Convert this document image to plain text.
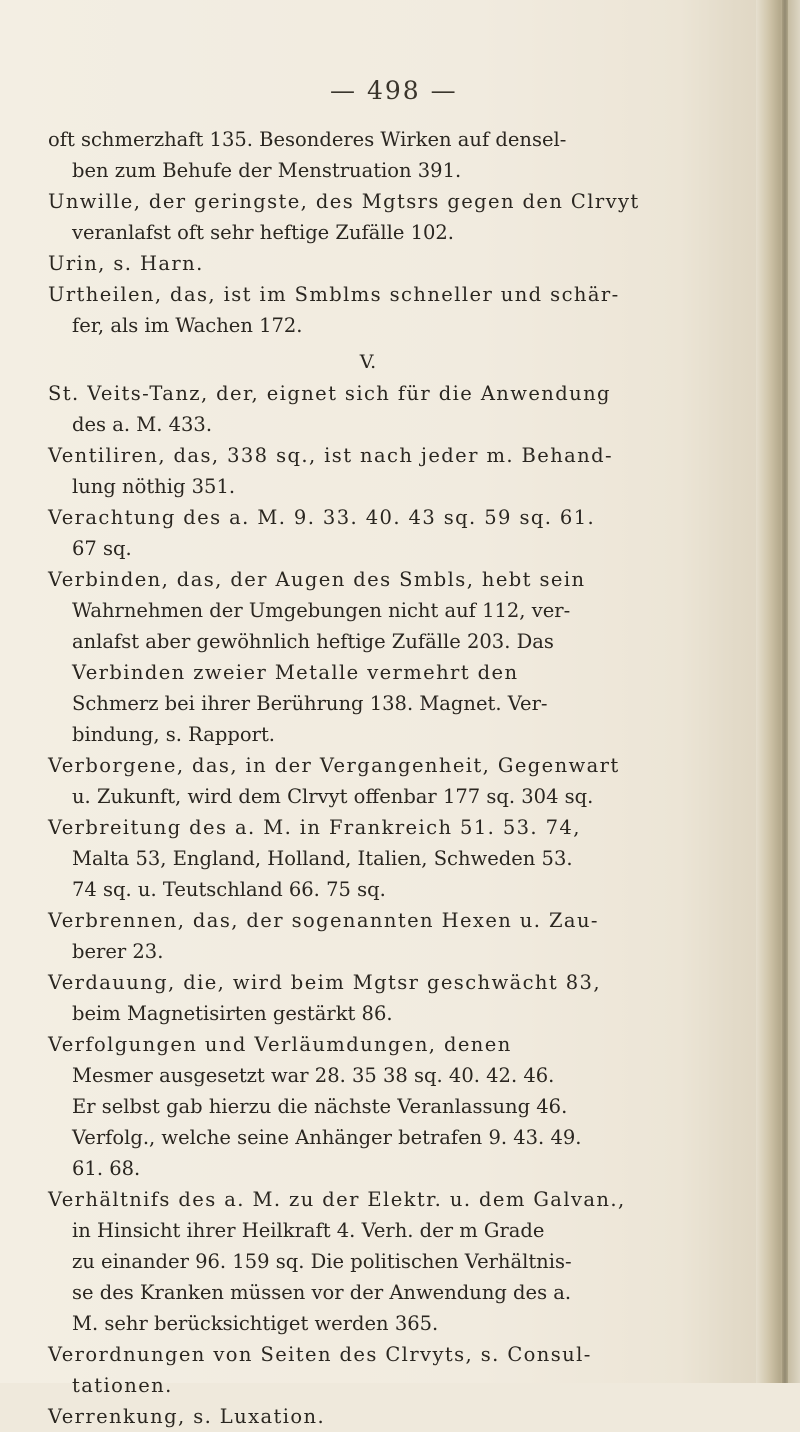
— 498 —
oft schmerzhaft 135. Besonderes Wirken auf densel-
ben zum Behufe der Menstruation 391.
Unwille, der geringste, des Mgtsrs gegen den Clrvyt
veranlafst oft sehr heftige Zufälle 102.
Urin, s. Harn.
Urtheilen, das, ist im Smblms schneller und schär-
fer, als im Wachen 172.
V.
St. Veits-Tanz, der, eignet sich für die Anwendung
des a. M. 433.
Ventiliren, das, 338 sq., ist nach jeder m. Behand-
lung nöthig 351.
Verachtung des a. M. 9. 33. 40. 43 sq. 59 sq. 61.
67 sq.
Verbinden, das, der Augen des Smbls, hebt sein
Wahrnehmen der Umgebungen nicht auf 112, ver-
anlafst aber gewöhnlich heftige Zufälle 203. Das
Verbinden zweier Metalle vermehrt den
Schmerz bei ihrer Berührung 138. Magnet. Ver-
bindung, s. Rapport.
Verborgene, das, in der Vergangenheit, Gegenwart
u. Zukunft, wird dem Clrvyt offenbar 177 sq. 304 sq.
Verbreitung des a. M. in Frankreich 51. 53. 74,
Malta 53, England, Holland, Italien, Schweden 53.
74 sq. u. Teutschland 66. 75 sq.
Verbrennen, das, der sogenannten Hexen u. Zau-
berer 23.
Verdauung, die, wird beim Mgtsr geschwächt 83,
beim Magnetisirten gestärkt 86.
Verfolgungen und Verläumdungen, denen
Mesmer ausgesetzt war 28. 35 38 sq. 40. 42. 46.
Er selbst gab hierzu die nächste Veranlassung 46.
Verfolg., welche seine Anhänger betrafen 9. 43. 49.
61. 68.
Verhältnifs des a. M. zu der Elektr. u. dem Galvan.,
in Hinsicht ihrer Heilkraft 4. Verh. der m Grade
zu einander 96. 159 sq. Die politischen Verhältnis-
se des Kranken müssen vor der Anwendung des a.
M. sehr berücksichtiget werden 365.
Verordnungen von Seiten des Clrvyts, s. Consul-
tationen.
Verrenkung, s. Luxation.
